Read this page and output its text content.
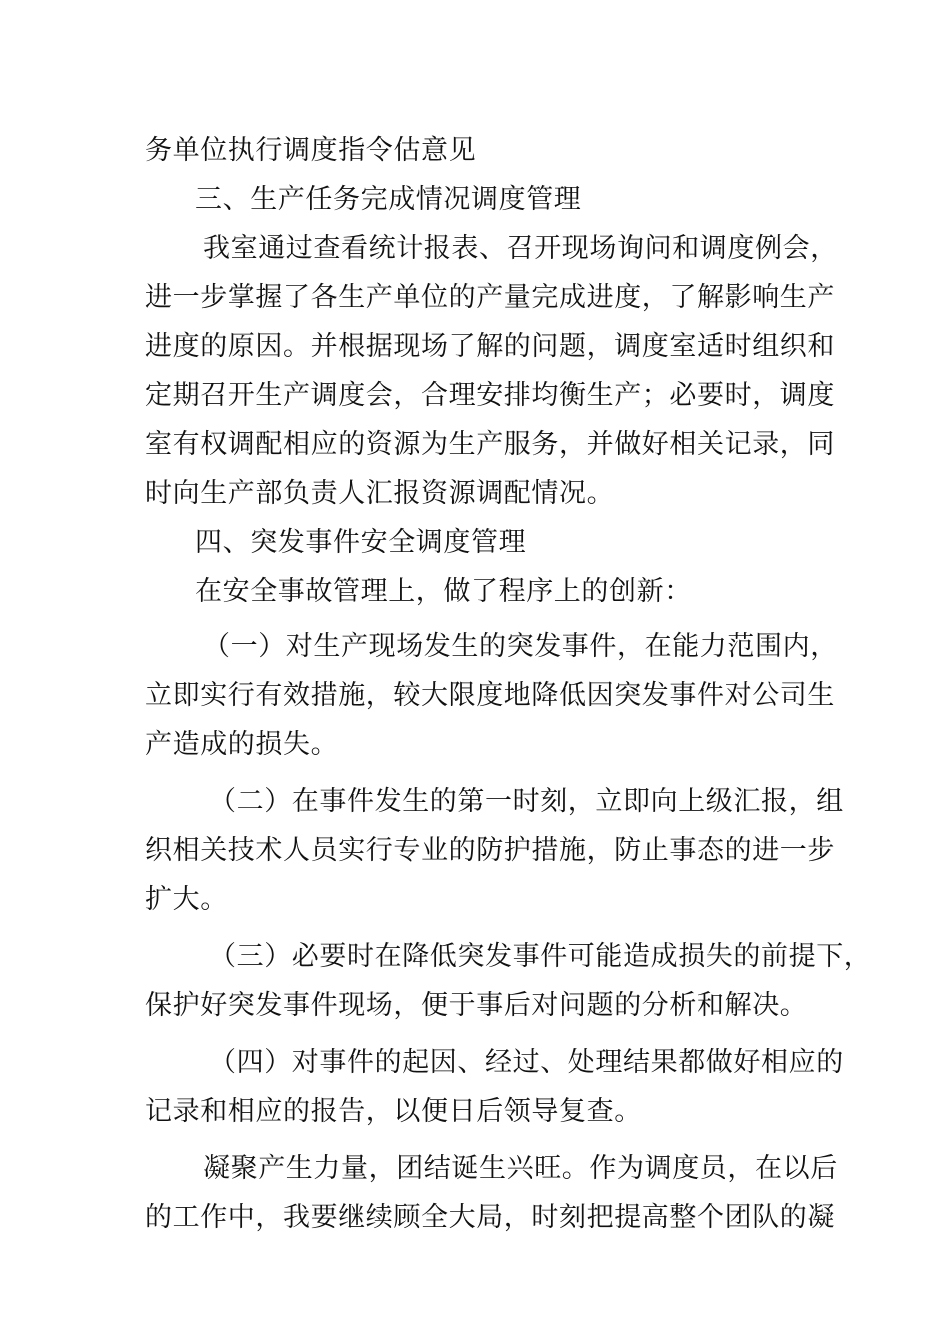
务单位执行调度指令估意见
三、生产任务完成情况调度管理
我室通过查看统计报表、召开现场询问和调度例会，
进一步掌握了各生产单位的产量完成进度，了解影响生产
进度的原因。并根据现场了解的问题，调度室适时组织和
定期召开生产调度会，合理安排均衡生产；必要时，调度
室有权调配相应的资源为生产服务，并做好相关记录，同
时向生产部负责人汇报资源调配情况。
四、突发事件安全调度管理
在安全事故管理上，做了程序上的创新：
（一）对生产现场发生的突发事件，在能力范围内，
立即实行有效措施，较大限度地降低因突发事件对公司生
产造成的损失。
（二）在事件发生的第一时刻，立即向上级汇报，组
织相关技术人员实行专业的防护措施，防止事态的进一步
扩大。
（三）必要时在降低突发事件可能造成损失的前提下，
保护好突发事件现场，便于事后对问题的分析和解决。
（四）对事件的起因、经过、处理结果都做好相应的
记录和相应的报告，以便日后领导复查。
凝聚产生力量，团结诞生兴旺。作为调度员，在以后
的工作中，我要继续顾全大局，时刻把提高整个团队的凝
